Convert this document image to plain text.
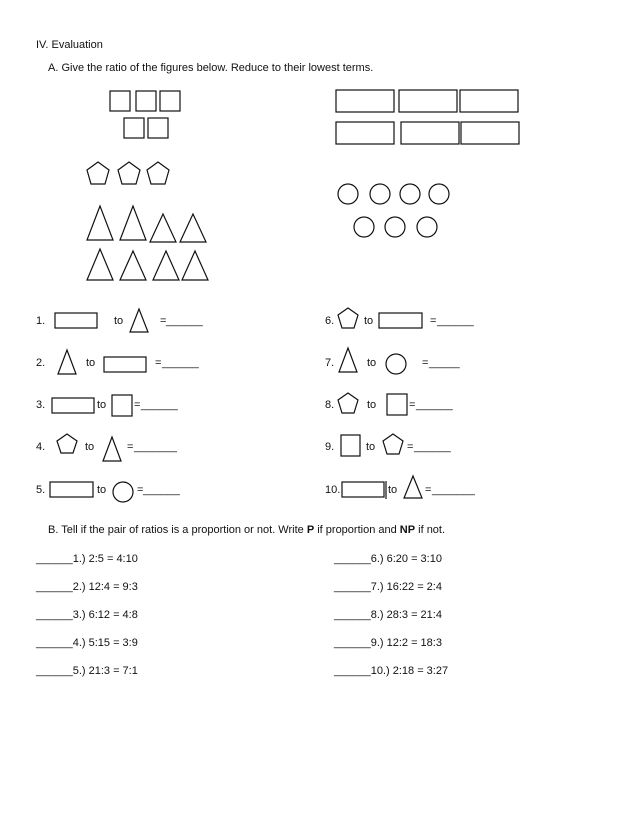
IV. Evaluation
A. Give the ratio of the figures below. Reduce to their lowest terms.
1.	to	= ______
2.	to	= ______
3.	to	= ______
4.	to	= _______
5.	to	= ______
6.	to	= ______
7.	to	= _____
8.	to	= ______
9.	to	= ______
10.	to	= _______
B. Tell if the pair of ratios is a proportion or not. Write P if proportion and NP if not.
______1.) 2:5 = 4:10
______2.) 12:4 = 9:3
______3.) 6:12 = 4:8
______4.) 5:15 = 3:9
______5.) 21:3 = 7:1
______6.) 6:20 = 3:10
______7.) 16:22 = 2:4
______8.) 28:3 = 21:4
______9.) 12:2 = 18:3
______10.) 2:18 = 3:27
